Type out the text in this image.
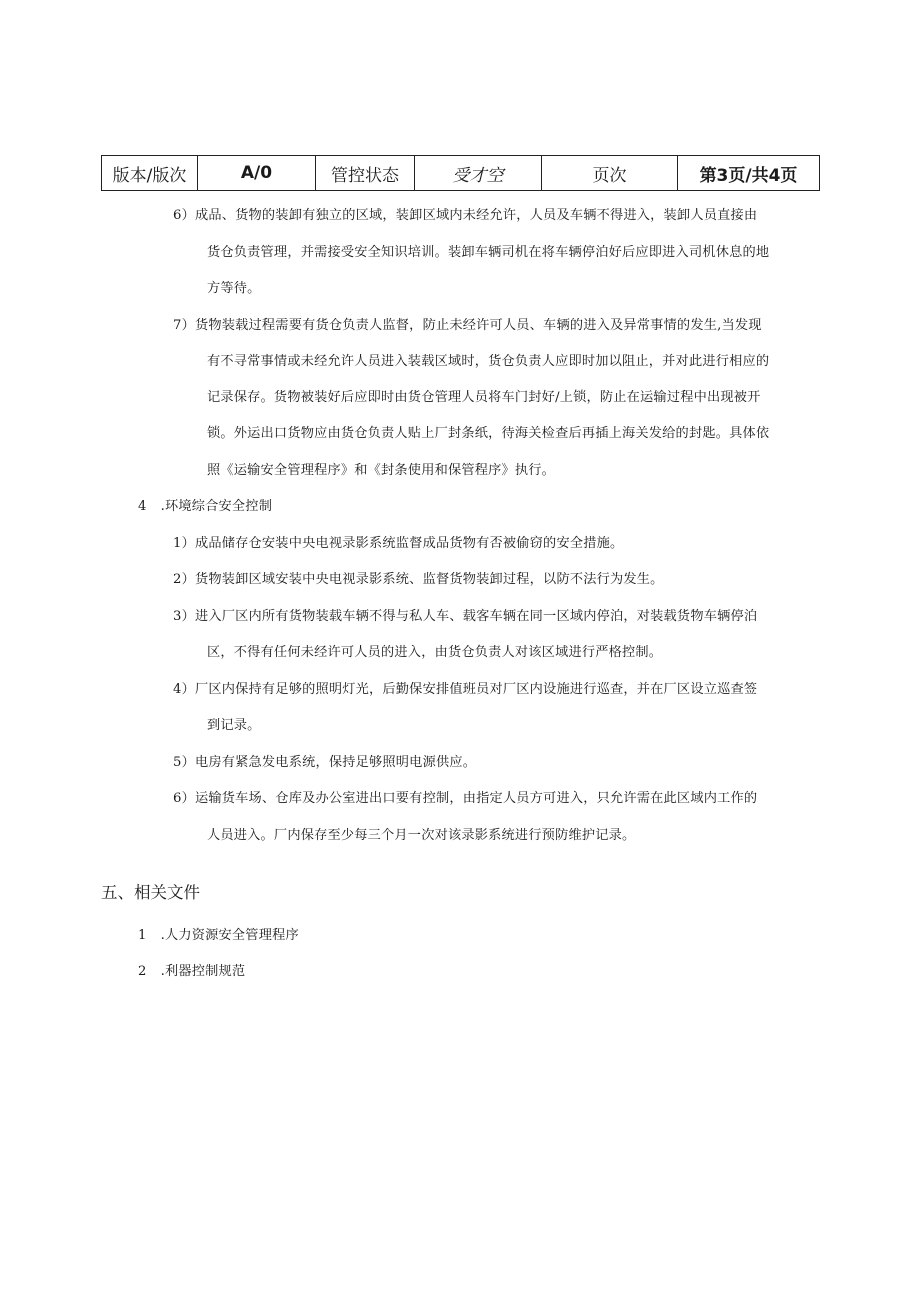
版本/版次	A/0	管控状态	受才空	页次	第3页/共4页
6）成品、货物的装卸有独立的区域，装卸区域内未经允许，人员及车辆不得进入，装卸人员直接由
货仓负责管理，并需接受安全知识培训。装卸车辆司机在将车辆停泊好后应即进入司机休息的地
方等待。
7）货物装载过程需要有货仓负责人监督，防止未经许可人员、车辆的进入及异常事情的发生,当发现
有不寻常事情或未经允许人员进入装载区域时，货仓负责人应即时加以阻止，并对此进行相应的
记录保存。货物被装好后应即时由货仓管理人员将车门封好/上锁，防止在运输过程中出现被开
锁。外运出口货物应由货仓负责人贴上厂封条纸，待海关检查后再插上海关发给的封匙。具体依
照《运输安全管理程序》和《封条使用和保管程序》执行。
4 .环境综合安全控制
1）成品储存仓安装中央电视录影系统监督成品货物有否被偷窃的安全措施。
2）货物装卸区域安装中央电视录影系统、监督货物装卸过程，以防不法行为发生。
3）进入厂区内所有货物装载车辆不得与私人车、载客车辆在同一区域内停泊，对装载货物车辆停泊
区，不得有任何未经许可人员的进入，由货仓负责人对该区域进行严格控制。
4）厂区内保持有足够的照明灯光，后勤保安排值班员对厂区内设施进行巡查，并在厂区设立巡查签
到记录。
5）电房有紧急发电系统，保持足够照明电源供应。
6）运输货车场、仓库及办公室进出口要有控制，由指定人员方可进入，只允许需在此区域内工作的
人员进入。厂内保存至少每三个月一次对该录影系统进行预防维护记录。
五、相关文件
1 .人力资源安全管理程序
2 .利器控制规范
